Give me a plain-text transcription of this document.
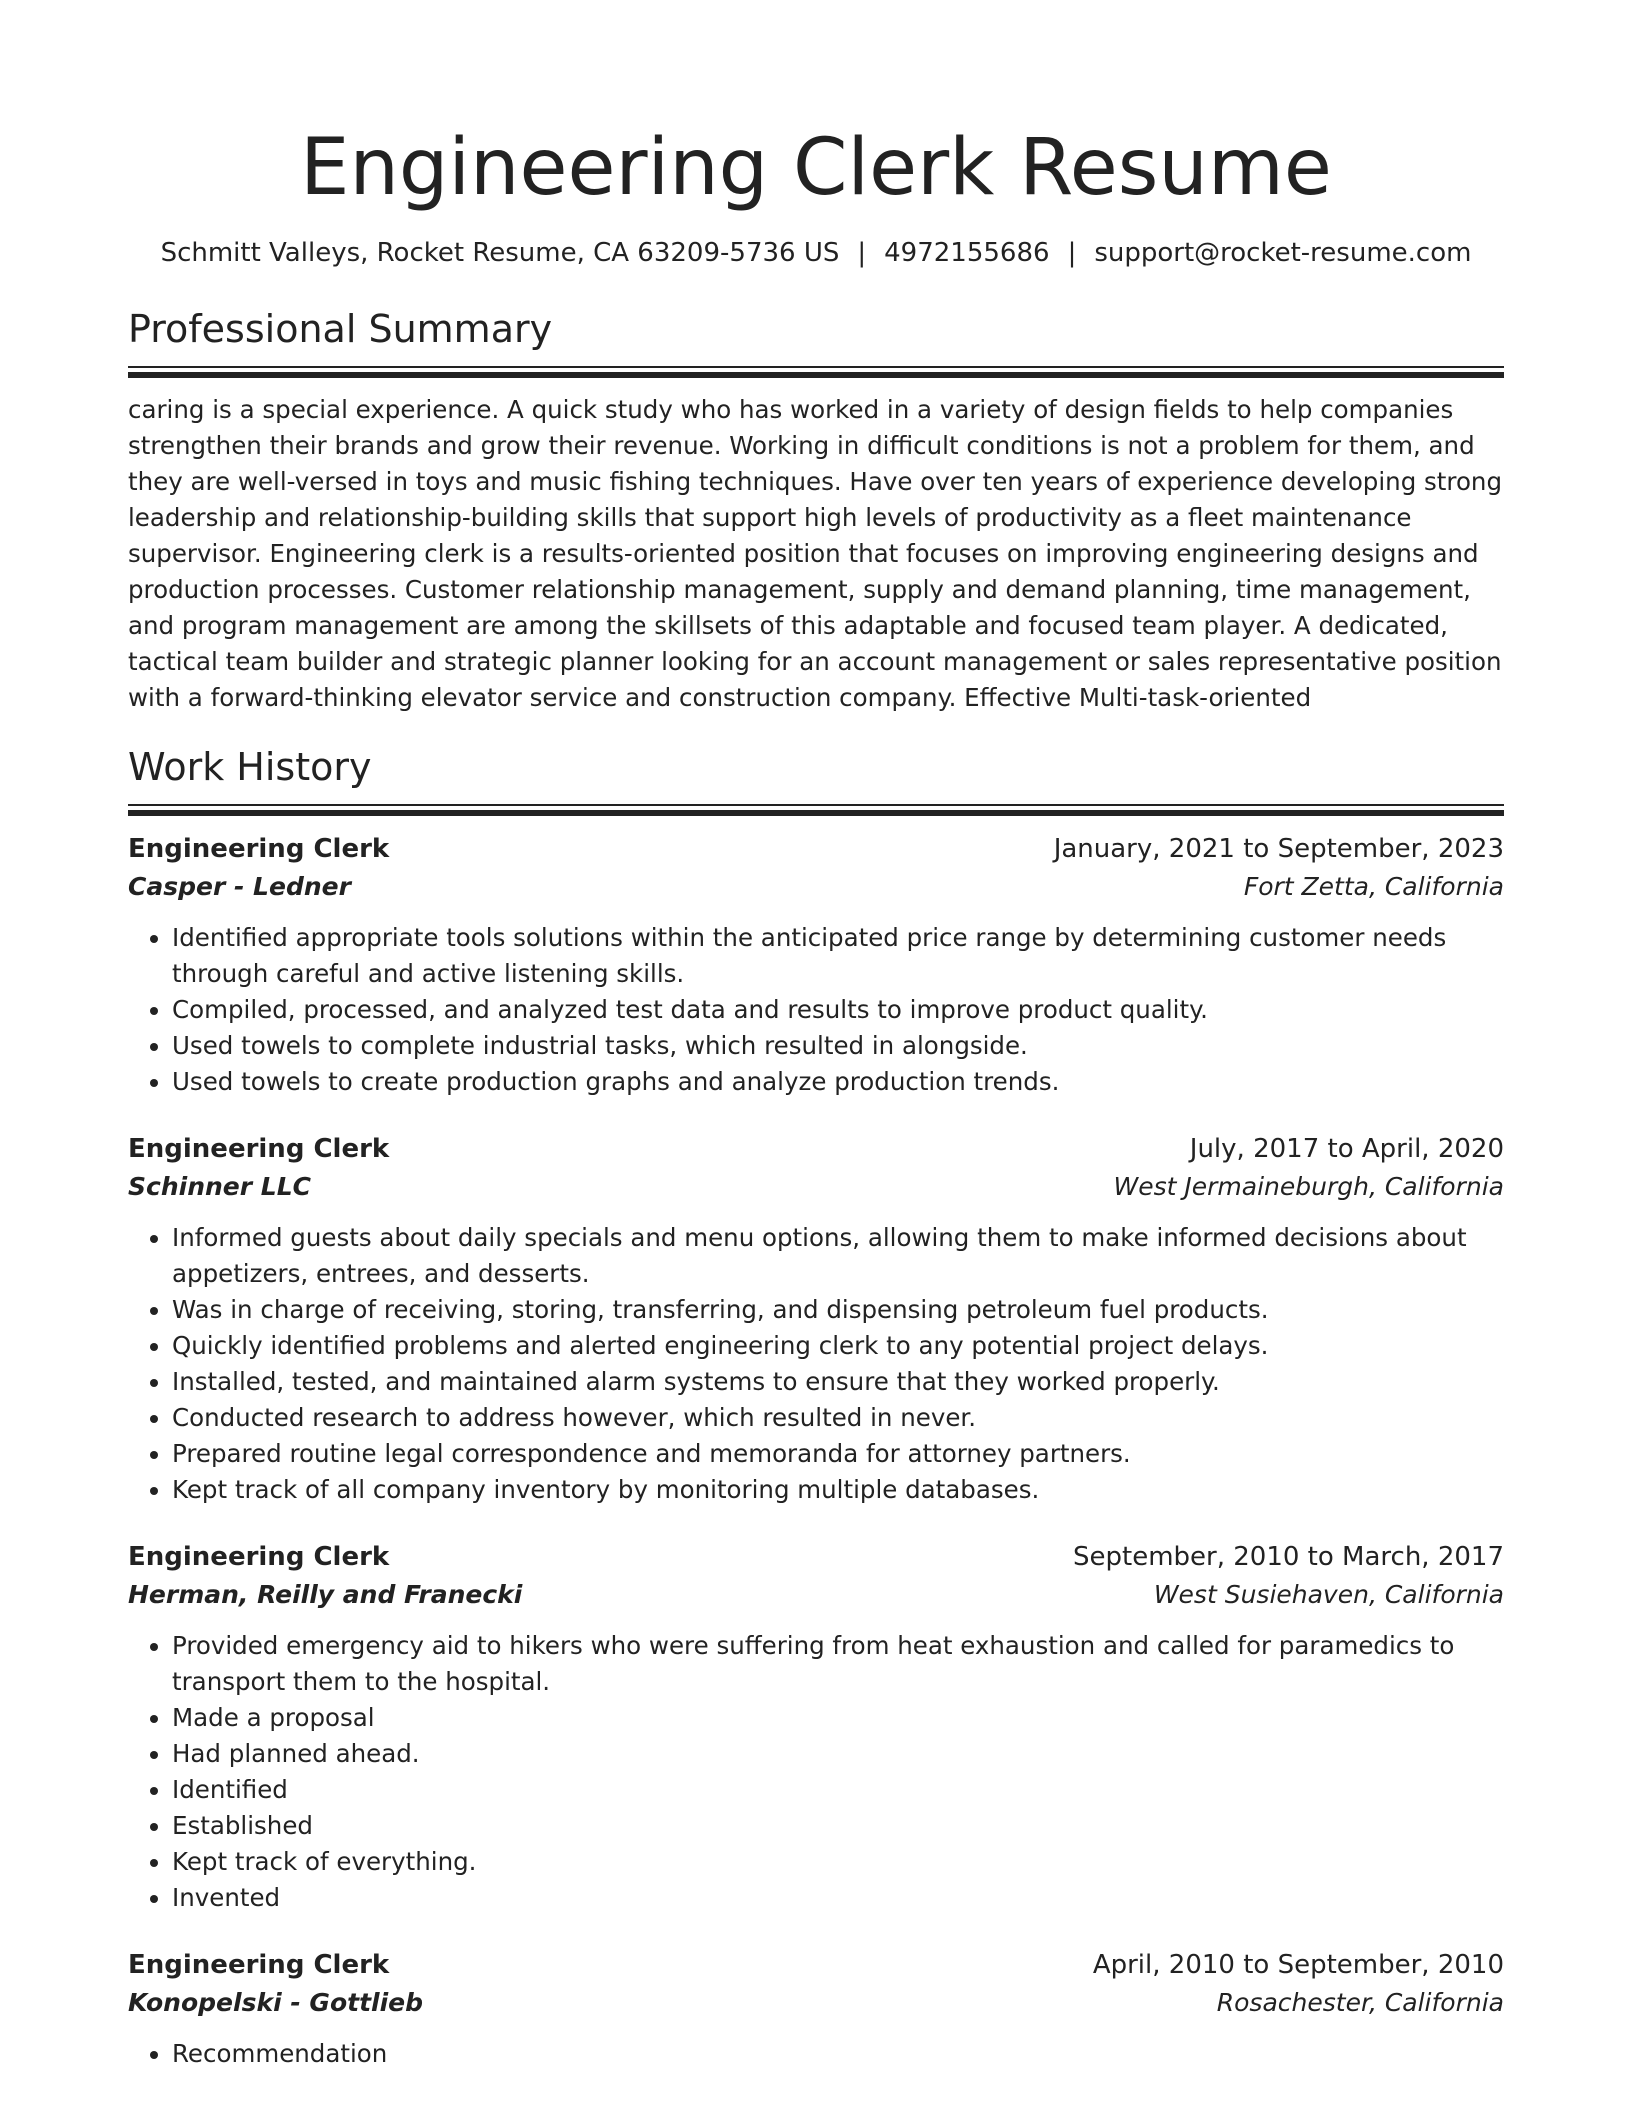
Engineering Clerk Resume
Schmitt Valleys, Rocket Resume, CA 63209-5736 US | 4972155686 | support@rocket-resume.com
Professional Summary

caring is a special experience. A quick study who has worked in a variety of design fields to help companies strengthen their brands and grow their revenue. Working in difficult conditions is not a problem for them, and they are well-versed in toys and music fishing techniques. Have over ten years of experience developing strong leadership and relationship-building skills that support high levels of productivity as a fleet maintenance supervisor. Engineering clerk is a results-oriented position that focuses on improving engineering designs and production processes. Customer relationship management, supply and demand planning, time management, and program management are among the skillsets of this adaptable and focused team player. A dedicated, tactical team builder and strategic planner looking for an account management or sales representative position with a forward-thinking elevator service and construction company. Effective Multi-task-oriented

Work History
Engineering Clerk	January, 2021 to September, 2023
Casper - Ledner	Fort Zetta, California
• Identified appropriate tools solutions within the anticipated price range by determining customer needs through careful and active listening skills.
• Compiled, processed, and analyzed test data and results to improve product quality.
• Used towels to complete industrial tasks, which resulted in alongside.
• Used towels to create production graphs and analyze production trends.
Engineering Clerk	July, 2017 to April, 2020
Schinner LLC	West Jermaineburgh, California
• Informed guests about daily specials and menu options, allowing them to make informed decisions about appetizers, entrees, and desserts.
• Was in charge of receiving, storing, transferring, and dispensing petroleum fuel products.
• Quickly identified problems and alerted engineering clerk to any potential project delays.
• Installed, tested, and maintained alarm systems to ensure that they worked properly.
• Conducted research to address however, which resulted in never.
• Prepared routine legal correspondence and memoranda for attorney partners.
• Kept track of all company inventory by monitoring multiple databases.
Engineering Clerk	September, 2010 to March, 2017
Herman, Reilly and Franecki	West Susiehaven, California
• Provided emergency aid to hikers who were suffering from heat exhaustion and called for paramedics to transport them to the hospital.
• Made a proposal
• Had planned ahead.
• Identified
• Established
• Kept track of everything.
• Invented
Engineering Clerk	April, 2010 to September, 2010
Konopelski - Gottlieb	Rosachester, California
• Recommendation
